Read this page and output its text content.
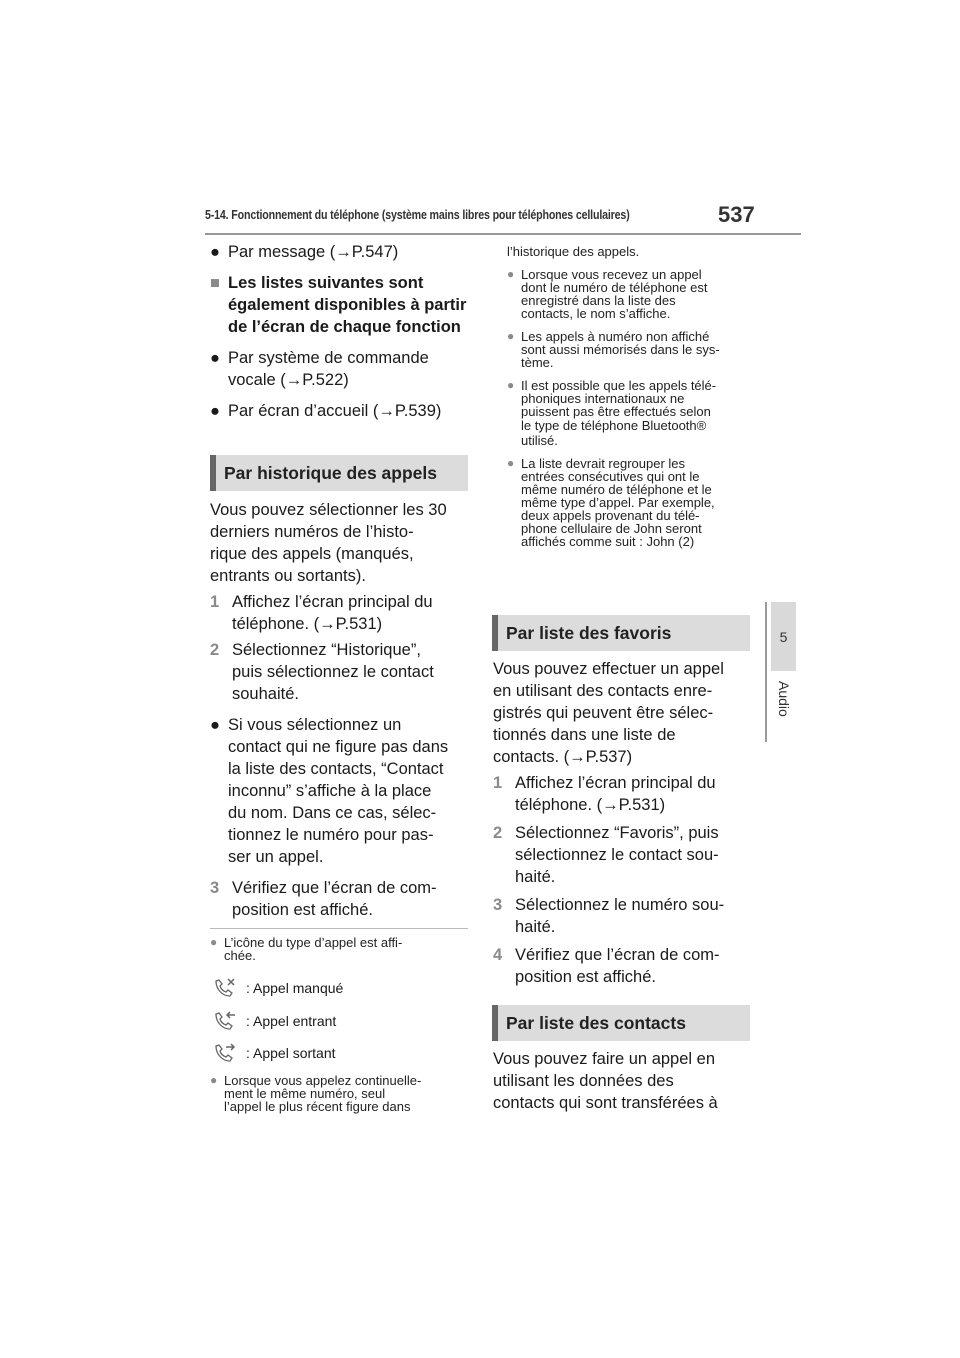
5-14. Fonctionnement du téléphone (système mains libres pour téléphones cellulaires)	537
5
Audio
● Par message (→P.547)
■ Les listes suivantes sont également disponibles à partir de l’écran de chaque fonction
● Par système de commande
vocale (→P.522)
● Par écran d’accueil (→P.539)
Par historique des appels
Vous pouvez sélectionner les 30
derniers numéros de l’histo-
rique des appels (manqués,
entrants ou sortants).
1 Affichez l’écran principal du
téléphone. (→P.531)
2 Sélectionnez “Historique”,
puis sélectionnez le contact
souhaité.
● Si vous sélectionnez un
contact qui ne figure pas dans
la liste des contacts, “Contact
inconnu” s’affiche à la place
du nom. Dans ce cas, sélec-
tionnez le numéro pour pas-
ser un appel.
3 Vérifiez que l’écran de com-
position est affiché.
● L’icône du type d’appel est affi-
chée.
: Appel manqué
: Appel entrant
: Appel sortant
● Lorsque vous appelez continuelle-
ment le même numéro, seul
l’appel le plus récent figure dans
l’historique des appels.
● Lorsque vous recevez un appel
dont le numéro de téléphone est
enregistré dans la liste des
contacts, le nom s’affiche.
● Les appels à numéro non affiché
sont aussi mémorisés dans le sys-
tème.
● Il est possible que les appels télé-
phoniques internationaux ne
puissent pas être effectués selon
le type de téléphone Bluetooth®
utilisé.
● La liste devrait regrouper les
entrées consécutives qui ont le
même numéro de téléphone et le
même type d’appel. Par exemple,
deux appels provenant du télé-
phone cellulaire de John seront
affichés comme suit : John (2)
Par liste des favoris
Vous pouvez effectuer un appel
en utilisant des contacts enre-
gistrés qui peuvent être sélec-
tionnés dans une liste de
contacts. (→P.537)
1 Affichez l’écran principal du
téléphone. (→P.531)
2 Sélectionnez “Favoris”, puis
sélectionnez le contact sou-
haité.
3 Sélectionnez le numéro sou-
haité.
4 Vérifiez que l’écran de com-
position est affiché.
Par liste des contacts
Vous pouvez faire un appel en
utilisant les données des
contacts qui sont transférées à
